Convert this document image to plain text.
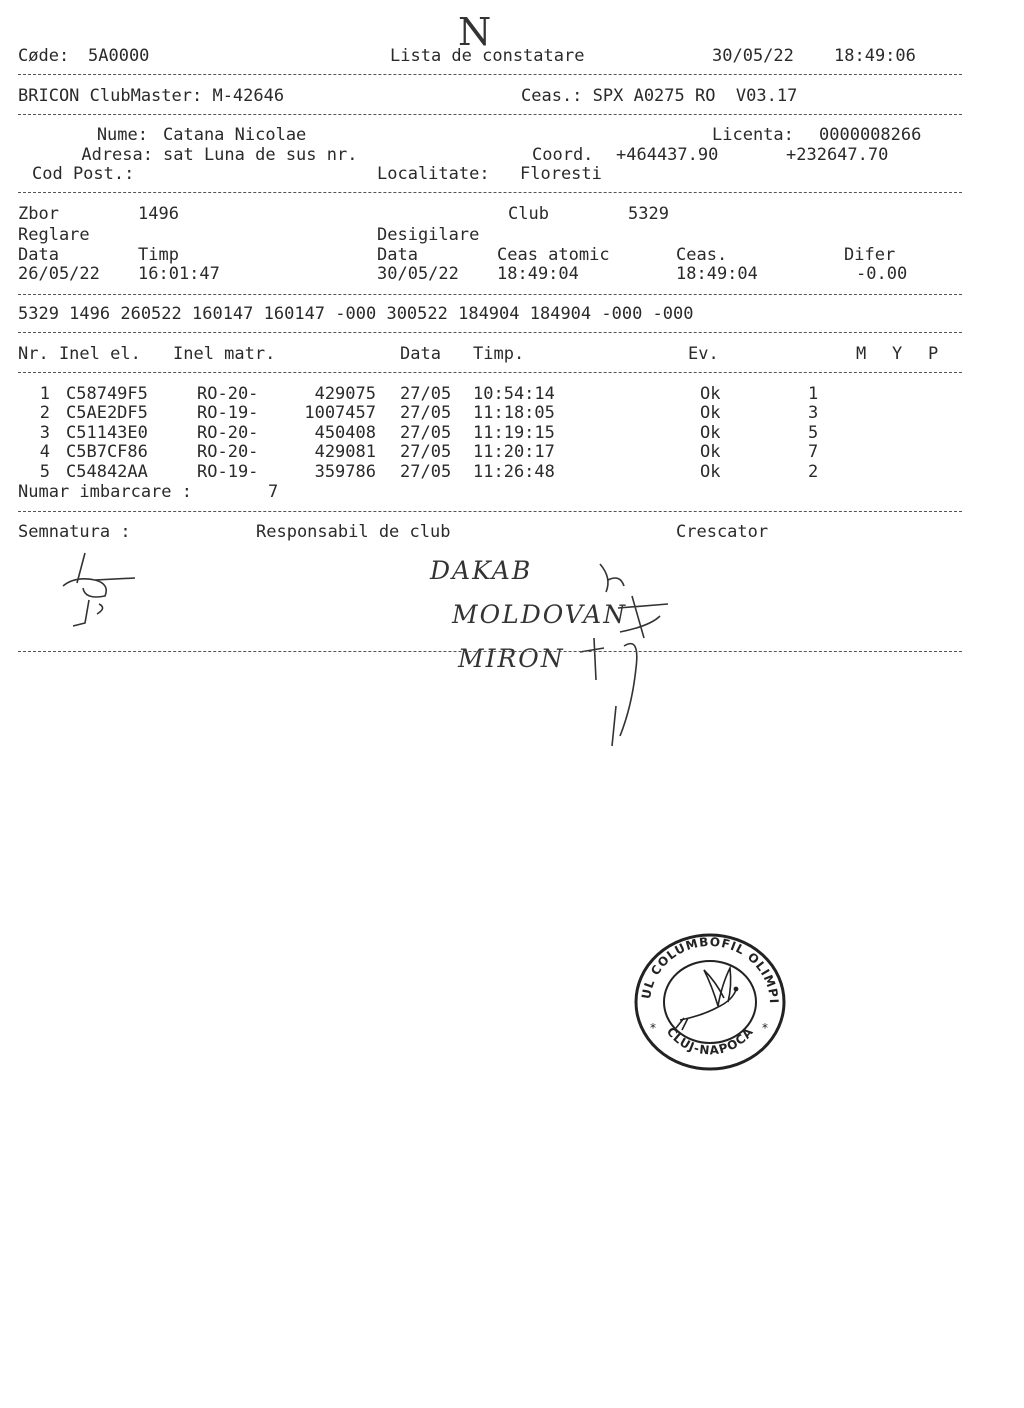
Cøde: 5A0000	Lista de constatare	30/05/22 18:49:06
N
BRICON ClubMaster: M-42646	Ceas.: SPX A0275 RO  V03.17
Nume: Catana Nicolae	Licenta: 0000008266
Adresa: sat Luna de sus nr.	Coord. +464437.90	+232647.70
Cod Post.:	Localitate: Floresti
Zbor	1496	Club	5329
Reglare	Desigilare
Data	Timp	Data	Ceas atomic	Ceas.	Difer
26/05/22 16:01:47	30/05/22 18:49:04	18:49:04	-0.00
5329 1496 260522 160147 160147 -000 300522 184904 184904 -000 -000
Nr. Inel el. Inel matr.	Data Timp.	Ev.	M Y P
1 C58749F5	RO-20-	429075 27/05 10:54:14	Ok	1
2 C5AE2DF5	RO-19-	1007457 27/05 11:18:05	Ok	3
3 C51143E0	RO-20-	450408 27/05 11:19:15	Ok	5
4 C5B7CF86	RO-20-	429081 27/05 11:20:17	Ok	7
5 C54842AA	RO-19-	359786 27/05 11:26:48	Ok	2
Numar imbarcare :	7
Semnatura :	Responsabil de club	Crescator
DAKAB
MOLDOVAN
MIRON
CLUBUL COLUMBOFIL OLIMPIA 04
CLUJ-NAPOCA
*	*
